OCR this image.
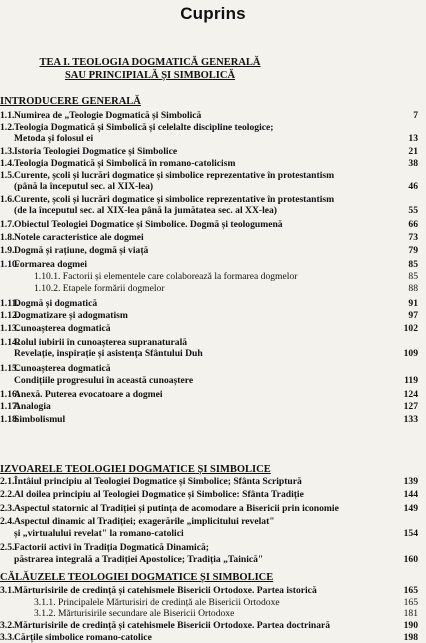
Cuprins
TEA I. TEOLOGIA DOGMATICĂ GENERALĂ
SAU PRINCIPIALĂ ȘI SIMBOLICĂ
INTRODUCERE GENERALĂ
IZVOARELE TEOLOGIEI DOGMATICE ȘI SIMBOLICE
CĂLĂUZELE TEOLOGIEI DOGMATICE ȘI SIMBOLICE
1.1. Numirea de „Teologie Dogmatică și Simbolică	7
1.2. Teologia Dogmatică și Simbolică și celelalte discipline teologice;
Metoda și folosul ei	13
1.3. Istoria Teologiei Dogmatice și Simbolice	21
1.4. Teologia Dogmatică și Simbolică în romano-catolicism	38
1.5. Curente, școli și lucrări dogmatice și simbolice reprezentative în protestantism
(până la începutul sec. al XIX-lea)	46
1.6. Curente, școli și lucrări dogmatice și simbolice reprezentative în protestantism
(de la începutul sec. al XIX-lea până la jumătatea sec. al XX-lea)	55
1.7. Obiectul Teologiei Dogmatice și Simbolice. Dogmă și teologumenă	66
1.8. Notele caracteristice ale dogmei	73
1.9. Dogmă și rațiune, dogmă și viață	79
1.10.
Formarea dogmei	85
1.10.1. Factorii și elementele care colaborează la formarea dogmelor	85
1.10.2. Etapele formării dogmelor	88
1.11.
Dogmă și dogmatică	91
1.12.
Dogmatizare și adogmatism	97
1.13.
Cunoașterea dogmatică	102
1.14.
Rolul iubirii în cunoașterea supranaturală
Revelație, inspirație și asistența Sfântului Duh	109
1.15.
Cunoașterea dogmatică
Condițiile progresului în această cunoaștere	119
1.16.
Anexă. Puterea evocatoare a dogmei	124
1.17.
Analogia	127
1.18.
Simbolismul	133
2.1. Întâiul principiu al Teologiei Dogmatice și Simbolice; Sfânta Scriptură	139
2.2. Al doilea principiu al Teologiei Dogmatice și Simbolice: Sfânta Tradiție	144
2.3. Aspectul statornic al Tradiției și putința de acomodare a Bisericii prin iconomie	149
2.4. Aspectul dinamic al Tradiției; exagerările „implicitului revelat"
și „virtualului revelat" la romano-catolici	154
2.5. Factorii activi în Tradiția Dogmatică Dinamică;
păstrarea integrală a Tradiției Apostolice; Tradiția „Tainică"	160
3.1. Mărturisirile de credință și catehismele Bisericii Ortodoxe. Partea istorică	165
3.1.1. Principalele Mărturisiri de credință ale Bisericii Ortodoxe	165
3.1.2. Mărturisirile secundare ale Bisericii Ortodoxe	181
3.2. Mărturisirile de credință și catehismele Bisericii Ortodoxe. Partea doctrinară	190
3.3. Cărțile simbolice romano-catolice	198
